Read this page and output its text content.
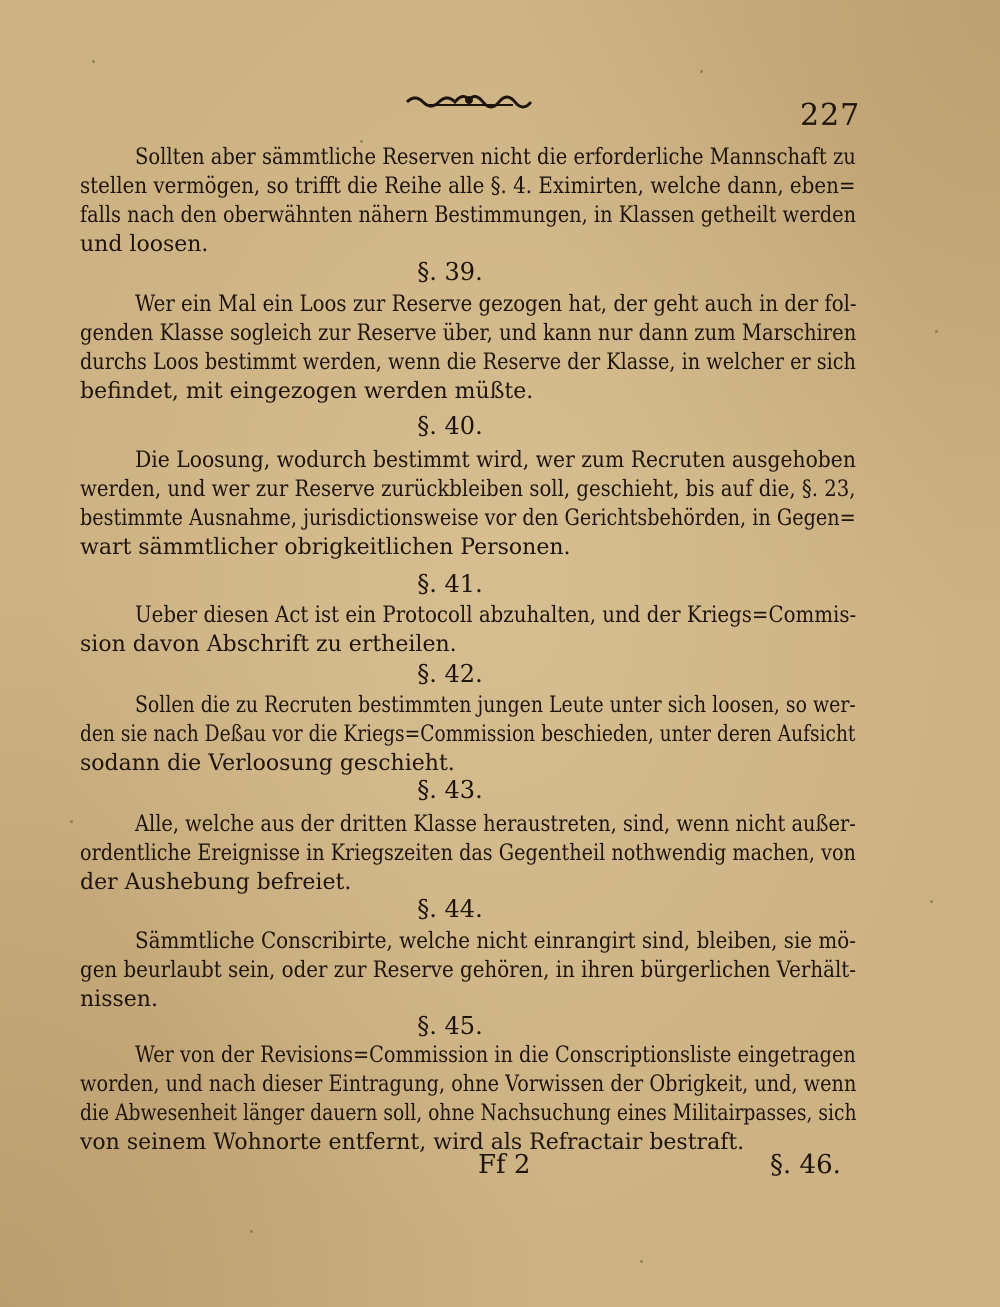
227
Sollten aber sämmtliche Reserven nicht die erforderliche Mannschaft zu
stellen vermögen, so trifft die Reihe alle §. 4. Eximirten, welche dann, eben=
falls nach den oberwähnten nähern Bestimmungen, in Klassen getheilt werden
und loosen.
§. 39.
Wer ein Mal ein Loos zur Reserve gezogen hat, der geht auch in der fol-
genden Klasse sogleich zur Reserve über, und kann nur dann zum Marschiren
durchs Loos bestimmt werden, wenn die Reserve der Klasse, in welcher er sich
befindet, mit eingezogen werden müßte.
§. 40.
Die Loosung, wodurch bestimmt wird, wer zum Recruten ausgehoben
werden, und wer zur Reserve zurückbleiben soll, geschieht, bis auf die, §. 23,
bestimmte Ausnahme, jurisdictionsweise vor den Gerichtsbehörden, in Gegen=
wart sämmtlicher obrigkeitlichen Personen.
§. 41.
Ueber diesen Act ist ein Protocoll abzuhalten, und der Kriegs=Commis-
sion davon Abschrift zu ertheilen.
§. 42.
Sollen die zu Recruten bestimmten jungen Leute unter sich loosen, so wer-
den sie nach Deßau vor die Kriegs=Commission beschieden, unter deren Aufsicht
sodann die Verloosung geschieht.
§. 43.
Alle, welche aus der dritten Klasse heraustreten, sind, wenn nicht außer-
ordentliche Ereignisse in Kriegszeiten das Gegentheil nothwendig machen, von
der Aushebung befreiet.
§. 44.
Sämmtliche Conscribirte, welche nicht einrangirt sind, bleiben, sie mö-
gen beurlaubt sein, oder zur Reserve gehören, in ihren bürgerlichen Verhält-
nissen.
§. 45.
Wer von der Revisions=Commission in die Conscriptionsliste eingetragen
worden, und nach dieser Eintragung, ohne Vorwissen der Obrigkeit, und, wenn
die Abwesenheit länger dauern soll, ohne Nachsuchung eines Militairpasses, sich
von seinem Wohnorte entfernt, wird als Refractair bestraft.
Ff 2	§. 46.
